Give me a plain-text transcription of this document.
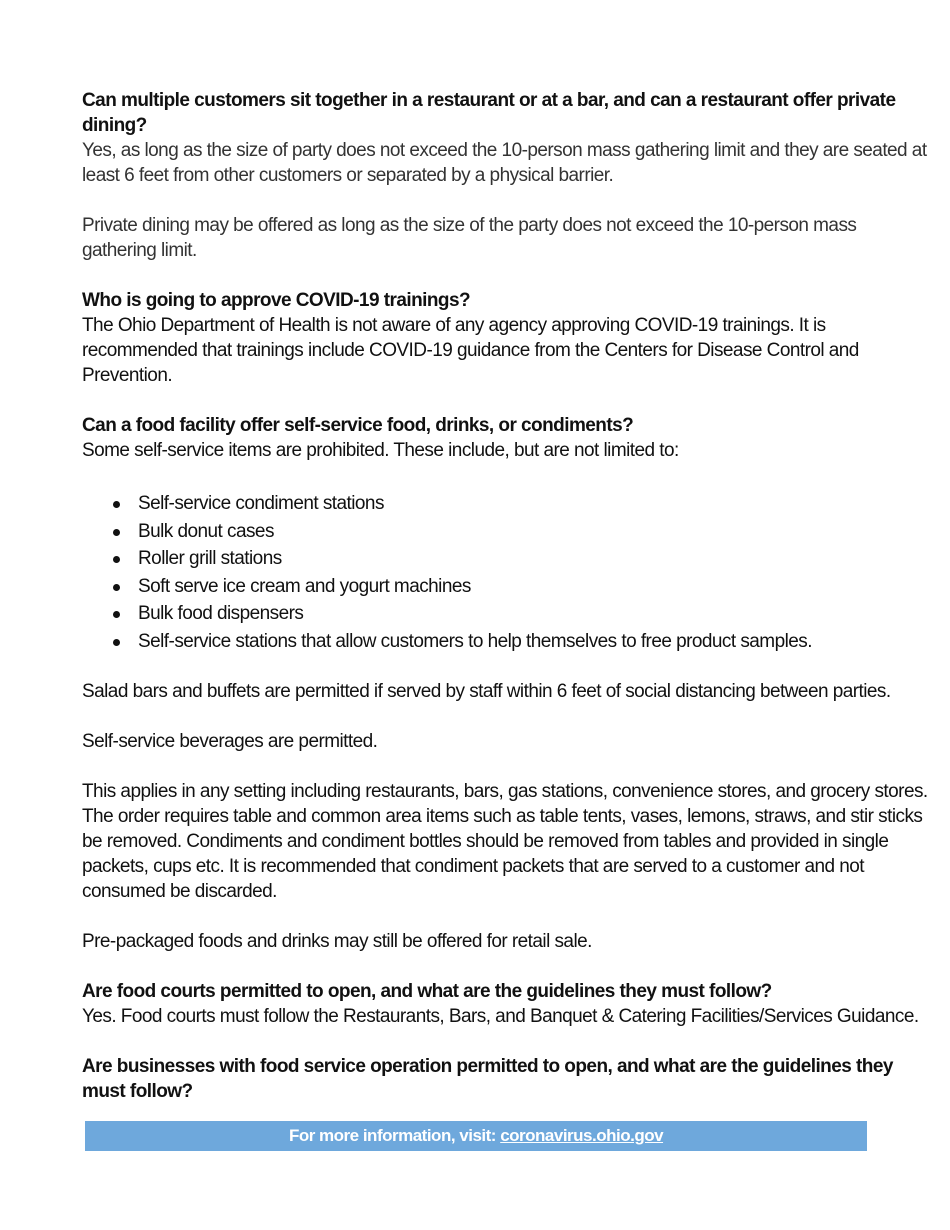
Can multiple customers sit together in a restaurant or at a bar, and can a restaurant offer private dining?

Yes, as long as the size of party does not exceed the 10-person mass gathering limit and they are seated at least 6 feet from other customers or separated by a physical barrier.

Private dining may be offered as long as the size of the party does not exceed the 10-person mass gathering limit.

Who is going to approve COVID-19 trainings?

The Ohio Department of Health is not aware of any agency approving COVID-19 trainings. It is recommended that trainings include COVID-19 guidance from the Centers for Disease Control and Prevention.

Can a food facility offer self-service food, drinks, or condiments?

Some self-service items are prohibited. These include, but are not limited to:

Self-service condiment stations
Bulk donut cases
Roller grill stations
Soft serve ice cream and yogurt machines
Bulk food dispensers
Self-service stations that allow customers to help themselves to free product samples.

Salad bars and buffets are permitted if served by staff within 6 feet of social distancing between parties.

Self-service beverages are permitted.

This applies in any setting including restaurants, bars, gas stations, convenience stores, and grocery stores. The order requires table and common area items such as table tents, vases, lemons, straws, and stir sticks be removed. Condiments and condiment bottles should be removed from tables and provided in single packets, cups etc. It is recommended that condiment packets that are served to a customer and not consumed be discarded.

Pre-packaged foods and drinks may still be offered for retail sale.

Are food courts permitted to open, and what are the guidelines they must follow?

Yes. Food courts must follow the Restaurants, Bars, and Banquet & Catering Facilities/Services Guidance.

Are businesses with food service operation permitted to open, and what are the guidelines they must follow?

For more information, visit: coronavirus.ohio.gov
